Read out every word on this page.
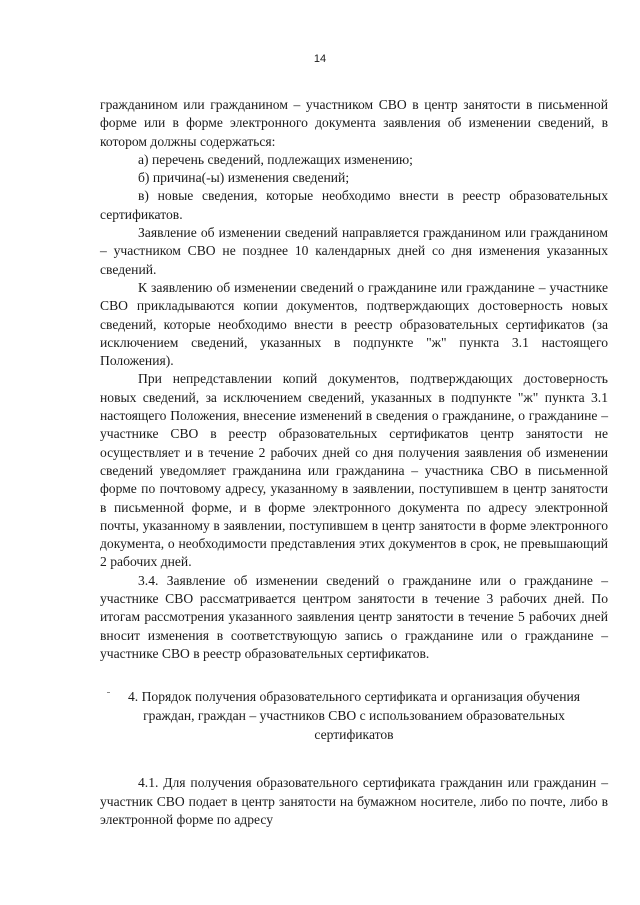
14

гражданином или гражданином – участником СВО в центр занятости в письменной форме или в форме электронного документа заявления об изменении сведений, в котором должны содержаться:

а) перечень сведений, подлежащих изменению;

б) причина(-ы) изменения сведений;

в) новые сведения, которые необходимо внести в реестр образовательных сертификатов.

Заявление об изменении сведений направляется гражданином или гражданином – участником СВО не позднее 10 календарных дней со дня изменения указанных сведений.

К заявлению об изменении сведений о гражданине или гражданине – участнике СВО прикладываются копии документов, подтверждающих достоверность новых сведений, которые необходимо внести в реестр образовательных сертификатов (за исключением сведений, указанных в подпункте "ж" пункта 3.1 настоящего Положения).

При непредставлении копий документов, подтверждающих достоверность новых сведений, за исключением сведений, указанных в подпункте "ж" пункта 3.1 настоящего Положения, внесение изменений в сведения о гражданине, о гражданине – участнике СВО в реестр образовательных сертификатов центр занятости не осуществляет и в течение 2 рабочих дней со дня получения заявления об изменении сведений уведомляет гражданина или гражданина – участника СВО в письменной форме по почтовому адресу, указанному в заявлении, поступившем в центр занятости в письменной форме, и в форме электронного документа по адресу электронной почты, указанному в заявлении, поступившем в центр занятости в форме электронного документа, о необходимости представления этих документов в срок, не превышающий 2 рабочих дней.

3.4. Заявление об изменении сведений о гражданине или о гражданине – участнике СВО рассматривается центром занятости в течение 3 рабочих дней. По итогам рассмотрения указанного заявления центр занятости в течение 5 рабочих дней вносит изменения в соответствующую запись о гражданине или о гражданине – участнике СВО в реестр образовательных сертификатов.

4. Порядок получения образовательного сертификата и организация обучения граждан, граждан – участников СВО с использованием образовательных сертификатов

4.1. Для получения образовательного сертификата гражданин или гражданин – участник СВО подает в центр занятости на бумажном носителе, либо по почте, либо в электронной форме по адресу
